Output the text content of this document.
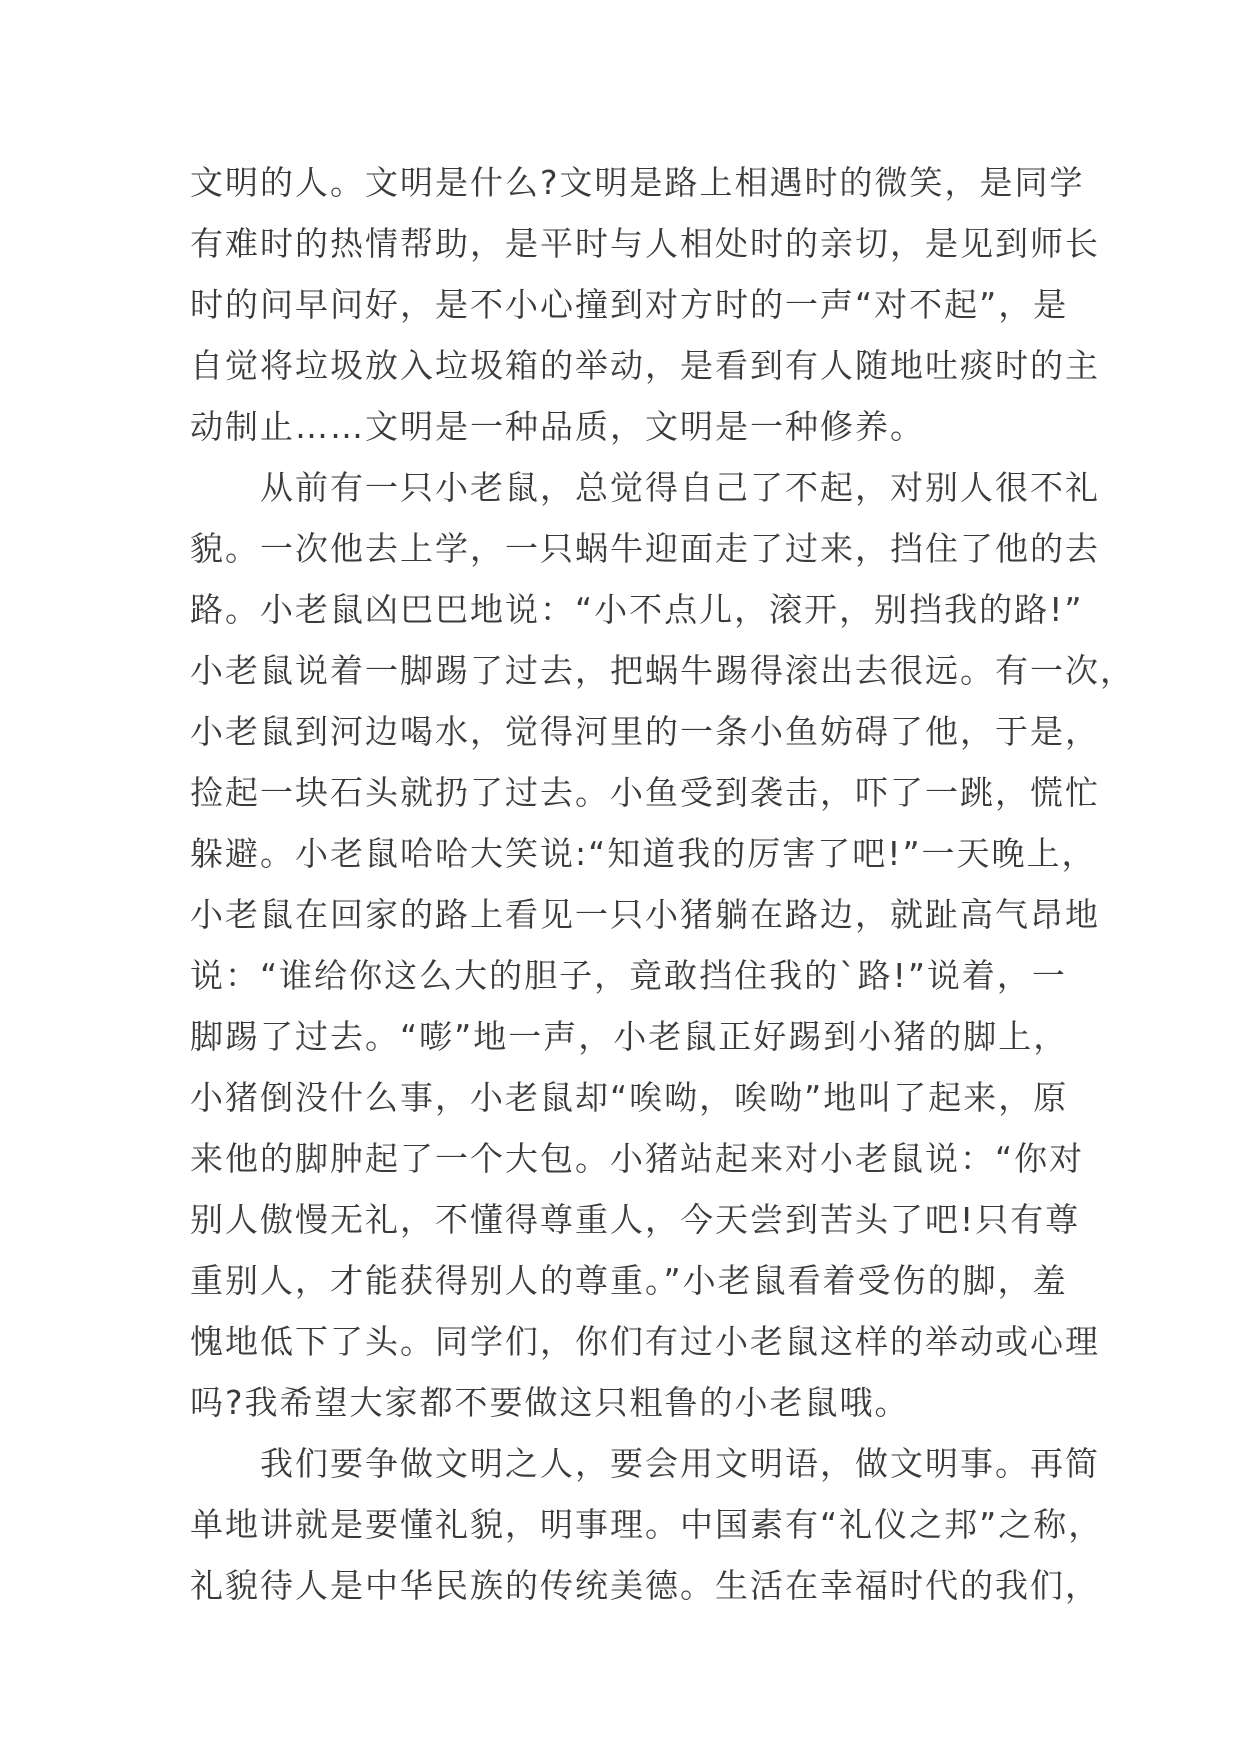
文明的人。文明是什么?文明是路上相遇时的微笑，是同学
有难时的热情帮助，是平时与人相处时的亲切，是见到师长
时的问早问好，是不小心撞到对方时的一声“对不起”，是
自觉将垃圾放入垃圾箱的举动，是看到有人随地吐痰时的主
动制止……文明是一种品质，文明是一种修养。
　　从前有一只小老鼠，总觉得自己了不起，对别人很不礼
貌。一次他去上学，一只蜗牛迎面走了过来，挡住了他的去
路。小老鼠凶巴巴地说：“小不点儿，滚开，别挡我的路!”
小老鼠说着一脚踢了过去，把蜗牛踢得滚出去很远。有一次，
小老鼠到河边喝水，觉得河里的一条小鱼妨碍了他，于是，
捡起一块石头就扔了过去。小鱼受到袭击，吓了一跳，慌忙
躲避。小老鼠哈哈大笑说:“知道我的厉害了吧!”一天晚上，
小老鼠在回家的路上看见一只小猪躺在路边，就趾高气昂地
说：“谁给你这么大的胆子，竟敢挡住我的`路!”说着，一
脚踢了过去。“嘭”地一声，小老鼠正好踢到小猪的脚上，
小猪倒没什么事，小老鼠却“唉呦，唉呦”地叫了起来，原
来他的脚肿起了一个大包。小猪站起来对小老鼠说：“你对
别人傲慢无礼，不懂得尊重人，今天尝到苦头了吧!只有尊
重别人，才能获得别人的尊重。”小老鼠看着受伤的脚，羞
愧地低下了头。同学们，你们有过小老鼠这样的举动或心理
吗?我希望大家都不要做这只粗鲁的小老鼠哦。
　　我们要争做文明之人，要会用文明语，做文明事。再简
单地讲就是要懂礼貌，明事理。中国素有“礼仪之邦”之称，
礼貌待人是中华民族的传统美德。生活在幸福时代的我们，
